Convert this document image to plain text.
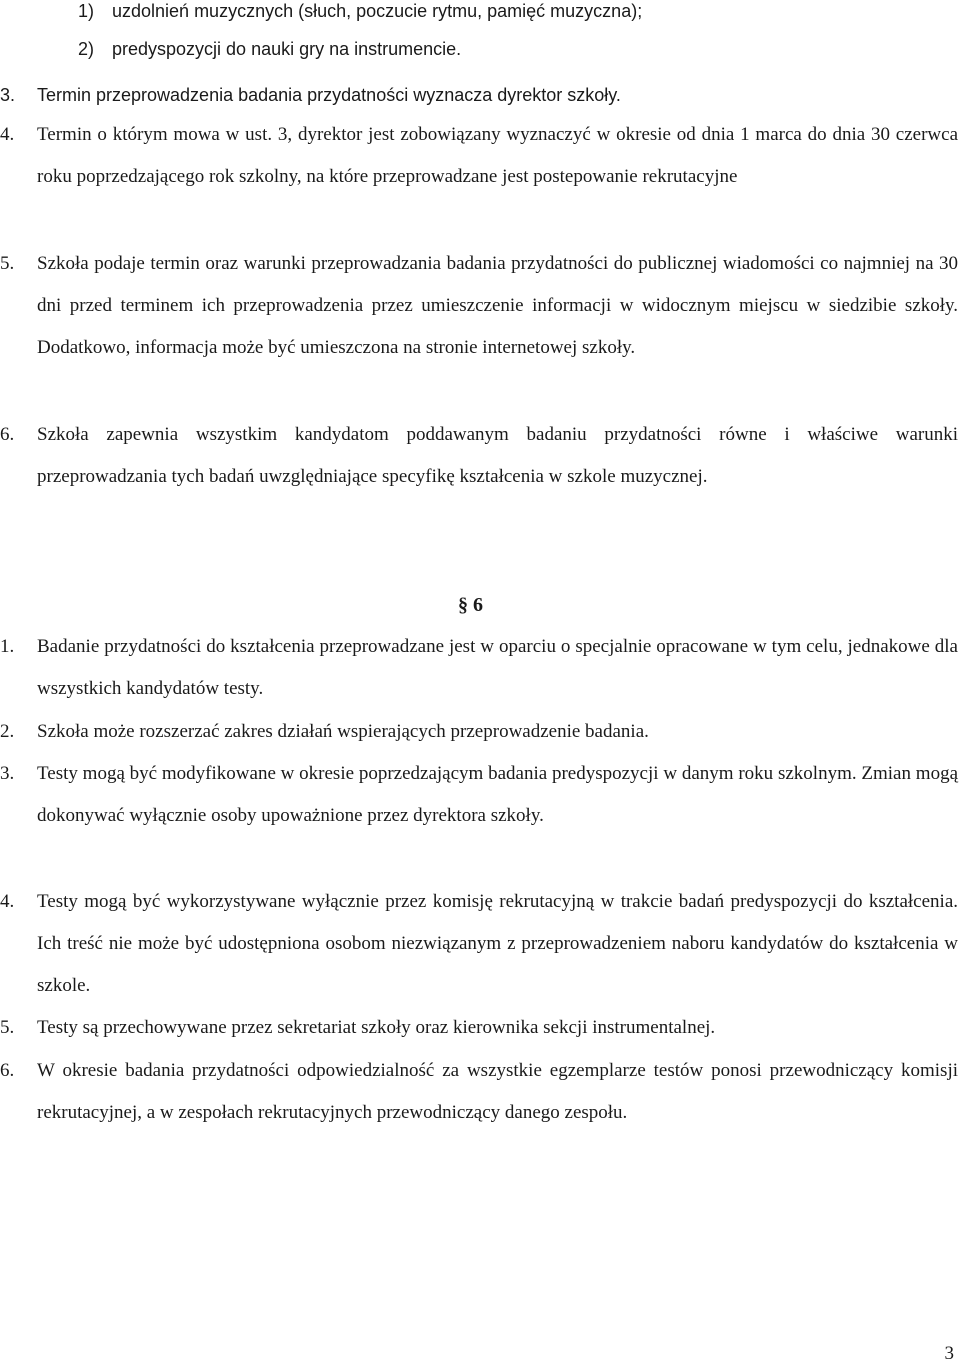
1) uzdolnień muzycznych (słuch, poczucie rytmu, pamięć muzyczna);
2) predyspozycji do nauki gry na instrumencie.
3.	Termin przeprowadzenia badania przydatności wyznacza dyrektor szkoły.
4.	Termin o którym mowa w ust. 3, dyrektor jest zobowiązany wyznaczyć w okresie od dnia 1 marca do dnia 30 czerwca roku poprzedzającego rok szkolny, na które przeprowadzane jest postepowanie rekrutacyjne
5.	Szkoła podaje termin oraz warunki przeprowadzania badania przydatności do publicznej wiadomości co najmniej na 30 dni przed terminem ich przeprowadzenia przez umieszczenie informacji w widocznym miejscu w siedzibie szkoły. Dodatkowo, informacja może być umieszczona na stronie internetowej szkoły.
6.	Szkoła zapewnia wszystkim kandydatom poddawanym badaniu przydatności równe i właściwe warunki przeprowadzania tych badań uwzględniające specyfikę kształcenia w szkole muzycznej.
§ 6
1.	Badanie przydatności do kształcenia przeprowadzane jest w oparciu o specjalnie opracowane w tym celu, jednakowe dla wszystkich kandydatów testy.
2.	Szkoła może rozszerzać zakres działań wspierających przeprowadzenie badania.
3.	Testy mogą być modyfikowane w okresie poprzedzającym badania predyspozycji w danym roku szkolnym. Zmian mogą dokonywać wyłącznie osoby upoważnione przez dyrektora szkoły.
4.	Testy mogą być wykorzystywane wyłącznie przez komisję rekrutacyjną w trakcie badań predyspozycji do kształcenia. Ich treść nie może być udostępniona osobom niezwiązanym z przeprowadzeniem naboru kandydatów do kształcenia w szkole.
5.	Testy są przechowywane przez sekretariat szkoły oraz kierownika sekcji instrumentalnej.
6.	W okresie badania przydatności odpowiedzialność za wszystkie egzemplarze testów ponosi przewodniczący komisji rekrutacyjnej, a w zespołach rekrutacyjnych przewodniczący danego zespołu.
3
